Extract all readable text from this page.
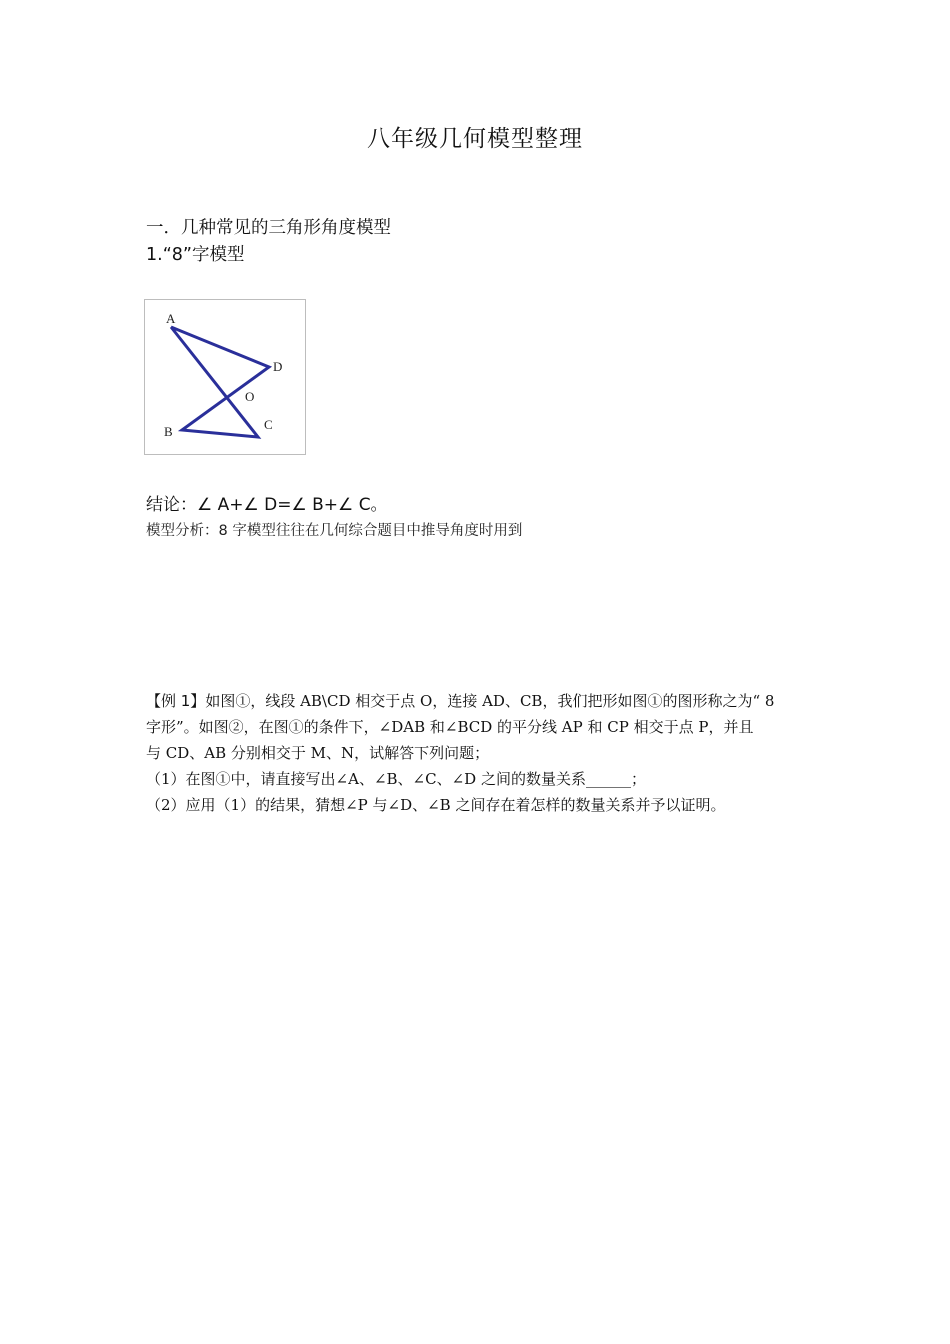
八年级几何模型整理
一．几种常见的三角形角度模型
1.“8”字模型
A
D
O
B	C
结论：∠ A+∠ D=∠ B+∠ C。
模型分析：8 字模型往往在几何综合题目中推导角度时用到

【例 1】如图①，线段 AB\CD 相交于点 O，连接 AD、CB，我们把形如图①的图形称之为“ 8

字形”。如图②，在图①的条件下，∠DAB 和∠BCD 的平分线 AP 和 CP 相交于点 P，并且

与 CD、AB 分别相交于 M、N，试解答下列问题；

（1）在图①中，请直接写出∠A、∠B、∠C、∠D 之间的数量关系______；

（2）应用（1）的结果，猜想∠P 与∠D、∠B 之间存在着怎样的数量关系并予以证明。
